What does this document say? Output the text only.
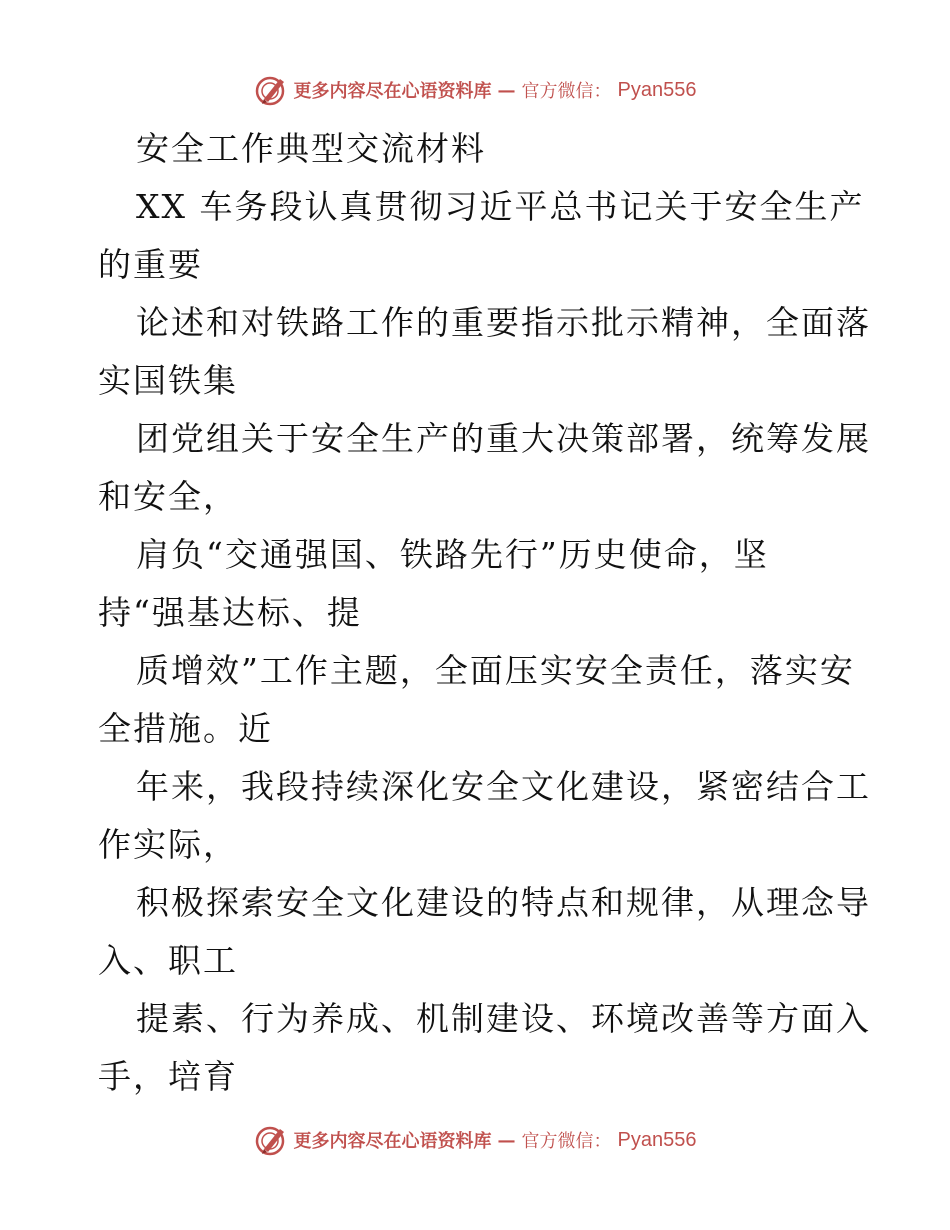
更多内容尽在心语资料库 — 官方微信： Pyan556
安全工作典型交流材料
XX 车务段认真贯彻习近平总书记关于安全生产
的重要
论述和对铁路工作的重要指示批示精神，全面落
实国铁集
团党组关于安全生产的重大决策部署，统筹发展
和安全，
肩负“交通强国、铁路先行”历史使命，坚
持“强基达标、提
质增效”工作主题，全面压实安全责任，落实安
全措施。近
年来，我段持续深化安全文化建设，紧密结合工
作实际，
积极探索安全文化建设的特点和规律，从理念导
入、职工
提素、行为养成、机制建设、环境改善等方面入
手，培育
更多内容尽在心语资料库 — 官方微信： Pyan556
